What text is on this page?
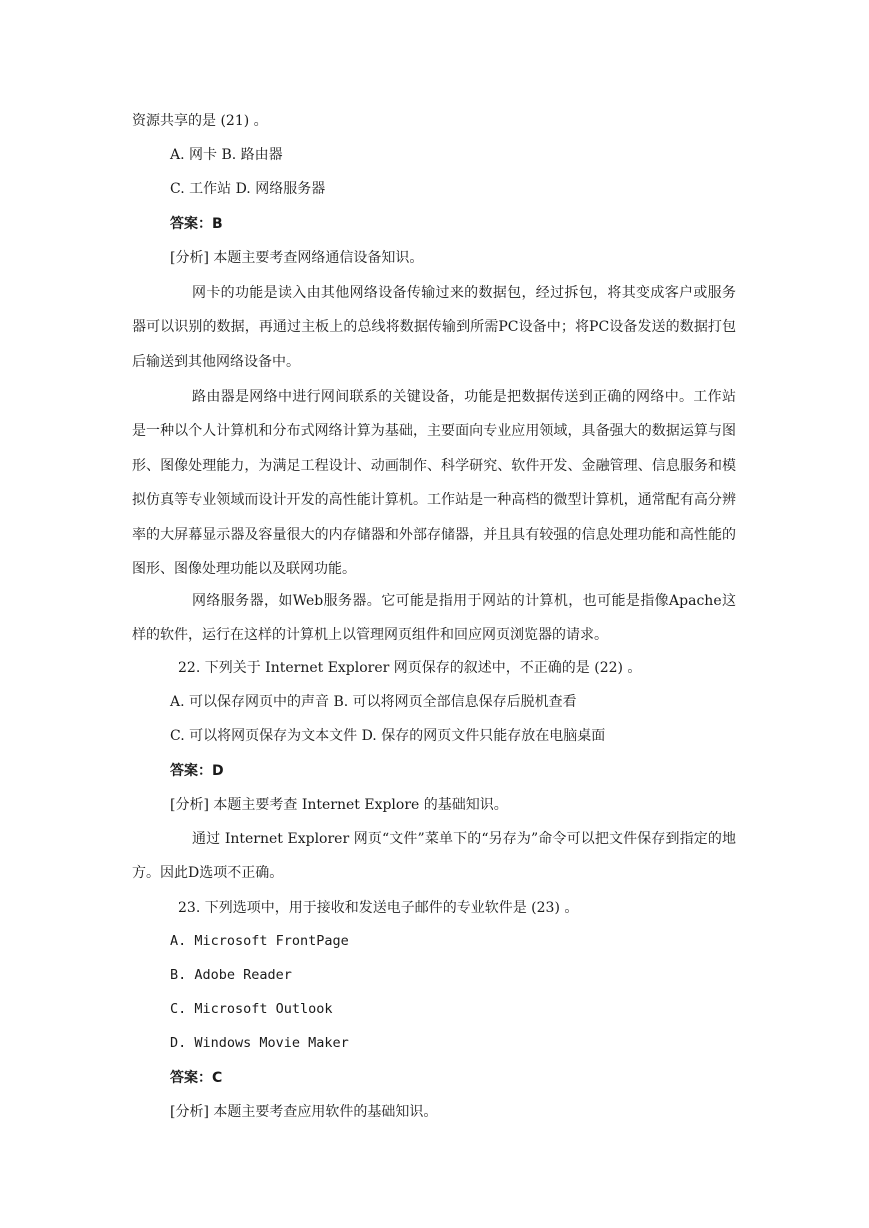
资源共享的是 (21) 。
A. 网卡 B. 路由器
C. 工作站 D. 网络服务器
答案：B
[分析] 本题主要考查网络通信设备知识。
网卡的功能是读入由其他网络设备传输过来的数据包，经过拆包，将其变成客户或服务器可以识别的数据，再通过主板上的总线将数据传输到所需PC设备中；将PC设备发送的数据打包后输送到其他网络设备中。
路由器是网络中进行网间联系的关键设备，功能是把数据传送到正确的网络中。工作站是一种以个人计算机和分布式网络计算为基础，主要面向专业应用领域，具备强大的数据运算与图形、图像处理能力，为满足工程设计、动画制作、科学研究、软件开发、金融管理、信息服务和模拟仿真等专业领域而设计开发的高性能计算机。工作站是一种高档的微型计算机，通常配有高分辨率的大屏幕显示器及容量很大的内存储器和外部存储器，并且具有较强的信息处理功能和高性能的图形、图像处理功能以及联网功能。
网络服务器，如Web服务器。它可能是指用于网站的计算机，也可能是指像Apache这样的软件，运行在这样的计算机上以管理网页组件和回应网页浏览器的请求。
22. 下列关于 Internet Explorer 网页保存的叙述中，不正确的是 (22) 。
A. 可以保存网页中的声音 B. 可以将网页全部信息保存后脱机查看
C. 可以将网页保存为文本文件 D. 保存的网页文件只能存放在电脑桌面
答案：D
[分析] 本题主要考查 Internet Explore 的基础知识。
通过 Internet Explorer 网页“文件”菜单下的“另存为”命令可以把文件保存到指定的地方。因此D选项不正确。
23. 下列选项中，用于接收和发送电子邮件的专业软件是 (23) 。
A. Microsoft FrontPage
B. Adobe Reader
C. Microsoft Outlook
D. Windows Movie Maker
答案：C
[分析] 本题主要考查应用软件的基础知识。
